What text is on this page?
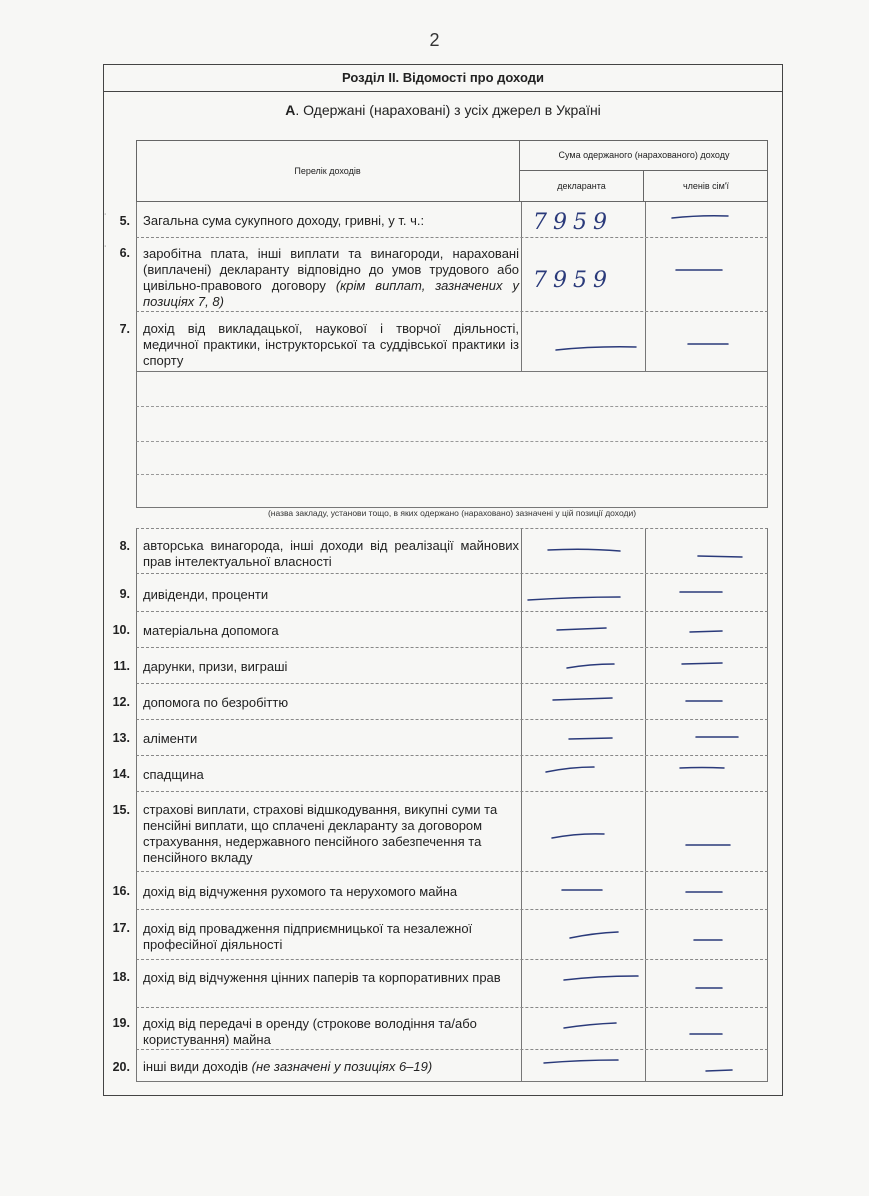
2
Розділ ІІ. Відомості про доходи
А. Одержані (нараховані) з усіх джерел в Україні
Перелік доходів
Сума одержаного (нарахованого) доходу
декларанта	членів сім'ї
Загальна сума сукупного доходу, гривні, у т. ч.:
˙ 5.	7959
заробітна плата, інші виплати та винагороди, нараховані (виплачені) декларанту відповідно до умов трудового або цивільно-правового договору (крім виплат, зазначених у позиціях 7, 8)
˙ 6.
7959
дохід від викладацької, наукової і творчої діяльності, медичної практики, інструкторської та суддівської практики із спорту
7.
(назва закладу, установи тощо, в яких одержано (нараховано) зазначені у цій позиції доходи)
авторська винагорода, інші доходи від реалізації майнових прав інтелектуальної власності
8.
дивіденди, проценти
9.
матеріальна допомога
10.
дарунки, призи, виграші
11.
допомога по безробіттю
12.
аліменти
13.
спадщина
14.
страхові виплати, страхові відшкодування, викупні суми та пенсійні виплати, що сплачені декларанту за договором страхування, недержавного пенсійного забезпечення та пенсійного вкладу
15.
дохід від відчуження рухомого та нерухомого майна
16.
дохід від провадження підприємницької та незалежної професійної діяльності
17.
дохід від відчуження цінних паперів та корпоративних прав
18.
дохід від передачі в оренду (строкове володіння та/або користування) майна
19.
інші види доходів (не зазначені у позиціях 6–19)
20.
